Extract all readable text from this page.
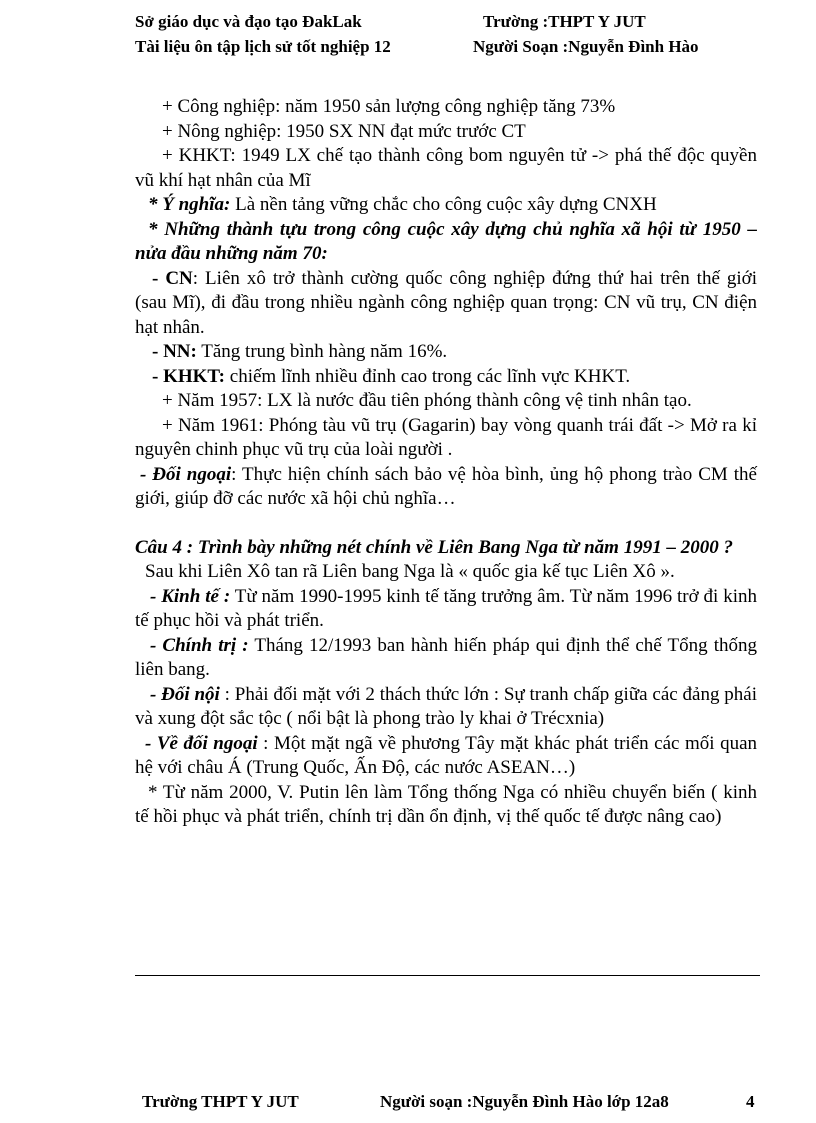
Sở giáo dục và đạo tạo ĐakLak	Trường :THPT Y JUT
Tài liệu ôn tập lịch sử tốt nghiệp 12	Người Soạn :Nguyễn Đình Hào

+ Công nghiệp: năm 1950 sản lượng công nghiệp tăng 73%

+ Nông nghiệp: 1950 SX NN đạt mức trước CT

+ KHKT: 1949 LX chế tạo thành công bom nguyên tử -> phá thế độc quyền vũ khí hạt nhân của Mĩ

* Ý nghĩa: Là nền tảng vững chắc cho công cuộc xây dựng CNXH

* Những thành tựu trong công cuộc xây dựng chủ nghĩa xã hội từ 1950 – nửa đầu những năm 70:

- CN: Liên xô trở thành cường quốc công nghiệp đứng thứ hai trên thế giới (sau Mĩ), đi đầu trong nhiều ngành công nghiệp quan trọng: CN vũ trụ, CN điện hạt nhân.

- NN: Tăng trung bình hàng năm 16%.

- KHKT: chiếm lĩnh nhiều đỉnh cao trong các lĩnh vực KHKT.

+ Năm 1957: LX là nước đầu tiên phóng thành công vệ tinh nhân tạo.

+ Năm 1961: Phóng tàu vũ trụ (Gagarin) bay vòng quanh trái đất -> Mở ra kỉ nguyên chinh phục vũ trụ của loài người .

- Đối ngoại: Thực hiện chính sách bảo vệ hòa bình, ủng hộ phong trào CM thế giới, giúp đỡ các nước xã hội chủ nghĩa…

Câu 4 : Trình bày những nét chính về Liên Bang Nga từ năm 1991 – 2000 ?

Sau khi Liên Xô tan rã Liên bang Nga là « quốc gia kế tục Liên Xô ».

- Kinh tế : Từ năm 1990-1995 kinh tế tăng trưởng âm. Từ năm 1996 trở đi kinh tế phục hồi và phát triển.

- Chính trị : Tháng 12/1993 ban hành hiến pháp qui định thể chế Tổng thống liên bang.

- Đối nội : Phải đối mặt với 2 thách thức lớn : Sự tranh chấp giữa các đảng phái và xung đột sắc tộc ( nổi bật là phong trào ly khai ở Trécxnia)

- Về đối ngoại : Một mặt ngã về phương Tây mặt khác phát triển các mối quan hệ với châu Á (Trung Quốc, Ấn Độ, các nước ASEAN…)

* Từ năm 2000, V. Putin lên làm Tổng thống Nga có nhiều chuyển biến ( kinh tế hồi phục và phát triển, chính trị dần ổn định, vị thế quốc tế được nâng cao)

Trường THPT Y JUT	Người soạn :Nguyễn Đình Hào lớp 12a8	4
